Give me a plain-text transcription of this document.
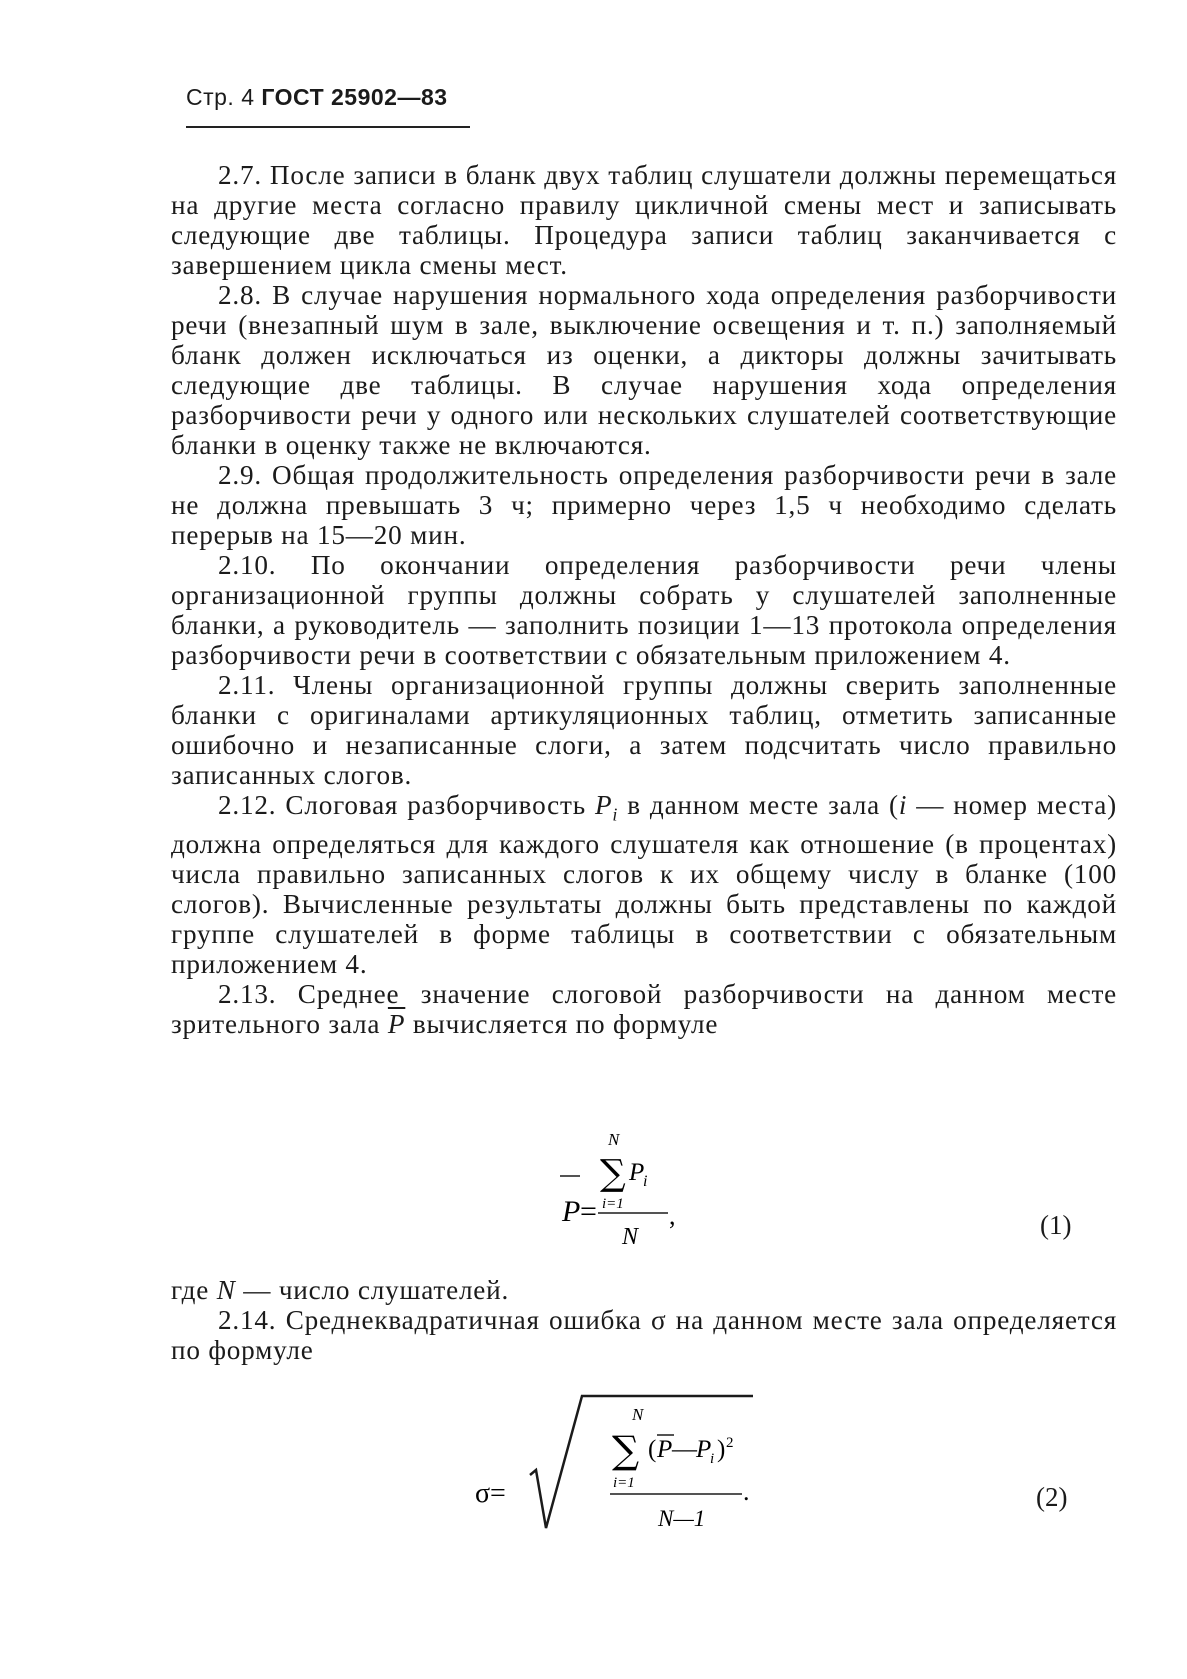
Стр. 4 ГОСТ 25902—83

2.7. После записи в бланк двух таблиц слушатели должны перемещаться на другие места согласно правилу цикличной смены мест и записывать следующие две таблицы. Процедура записи таблиц заканчивается с завершением цикла смены мест.

2.8. В случае нарушения нормального хода определения разборчивости речи (внезапный шум в зале, выключение освещения и т. п.) заполняемый бланк должен исключаться из оценки, а дикторы должны зачитывать следующие две таблицы. В случае нарушения хода определения разборчивости речи у одного или нескольких слушателей соответствующие бланки в оценку также не включаются.

2.9. Общая продолжительность определения разборчивости речи в зале не должна превышать 3 ч; примерно через 1,5 ч необходимо сделать перерыв на 15—20 мин.

2.10. По окончании определения разборчивости речи члены организационной группы должны собрать у слушателей заполненные бланки, а руководитель — заполнить позиции 1—13 протокола определения разборчивости речи в соответствии с обязательным приложением 4.

2.11. Члены организационной группы должны сверить заполненные бланки с оригиналами артикуляционных таблиц, отметить записанные ошибочно и незаписанные слоги, а затем подсчитать число правильно записанных слогов.

2.12. Слоговая разборчивость $P_i$ в данном месте зала (i — номер места) должна определяться для каждого слушателя как отношение (в процентах) числа правильно записанных слогов к их общему числу в бланке (100 слогов). Вычисленные результаты должны быть представлены по каждой группе слушателей в форме таблицы в соответствии с обязательным приложением 4.

2.13. Среднее значение слоговой разборчивости на данном месте зрительного зала $\overline{P}$ вычисляется по формуле

P =
N
∑ P
i
i=1
N
,	(1)

где N — число слушателей.

2.14. Среднеквадратичная ошибка σ на данном месте зала определяется по формуле

σ =
N
∑
i=1
( P — P
i ) 2
N—1
.	(2)
